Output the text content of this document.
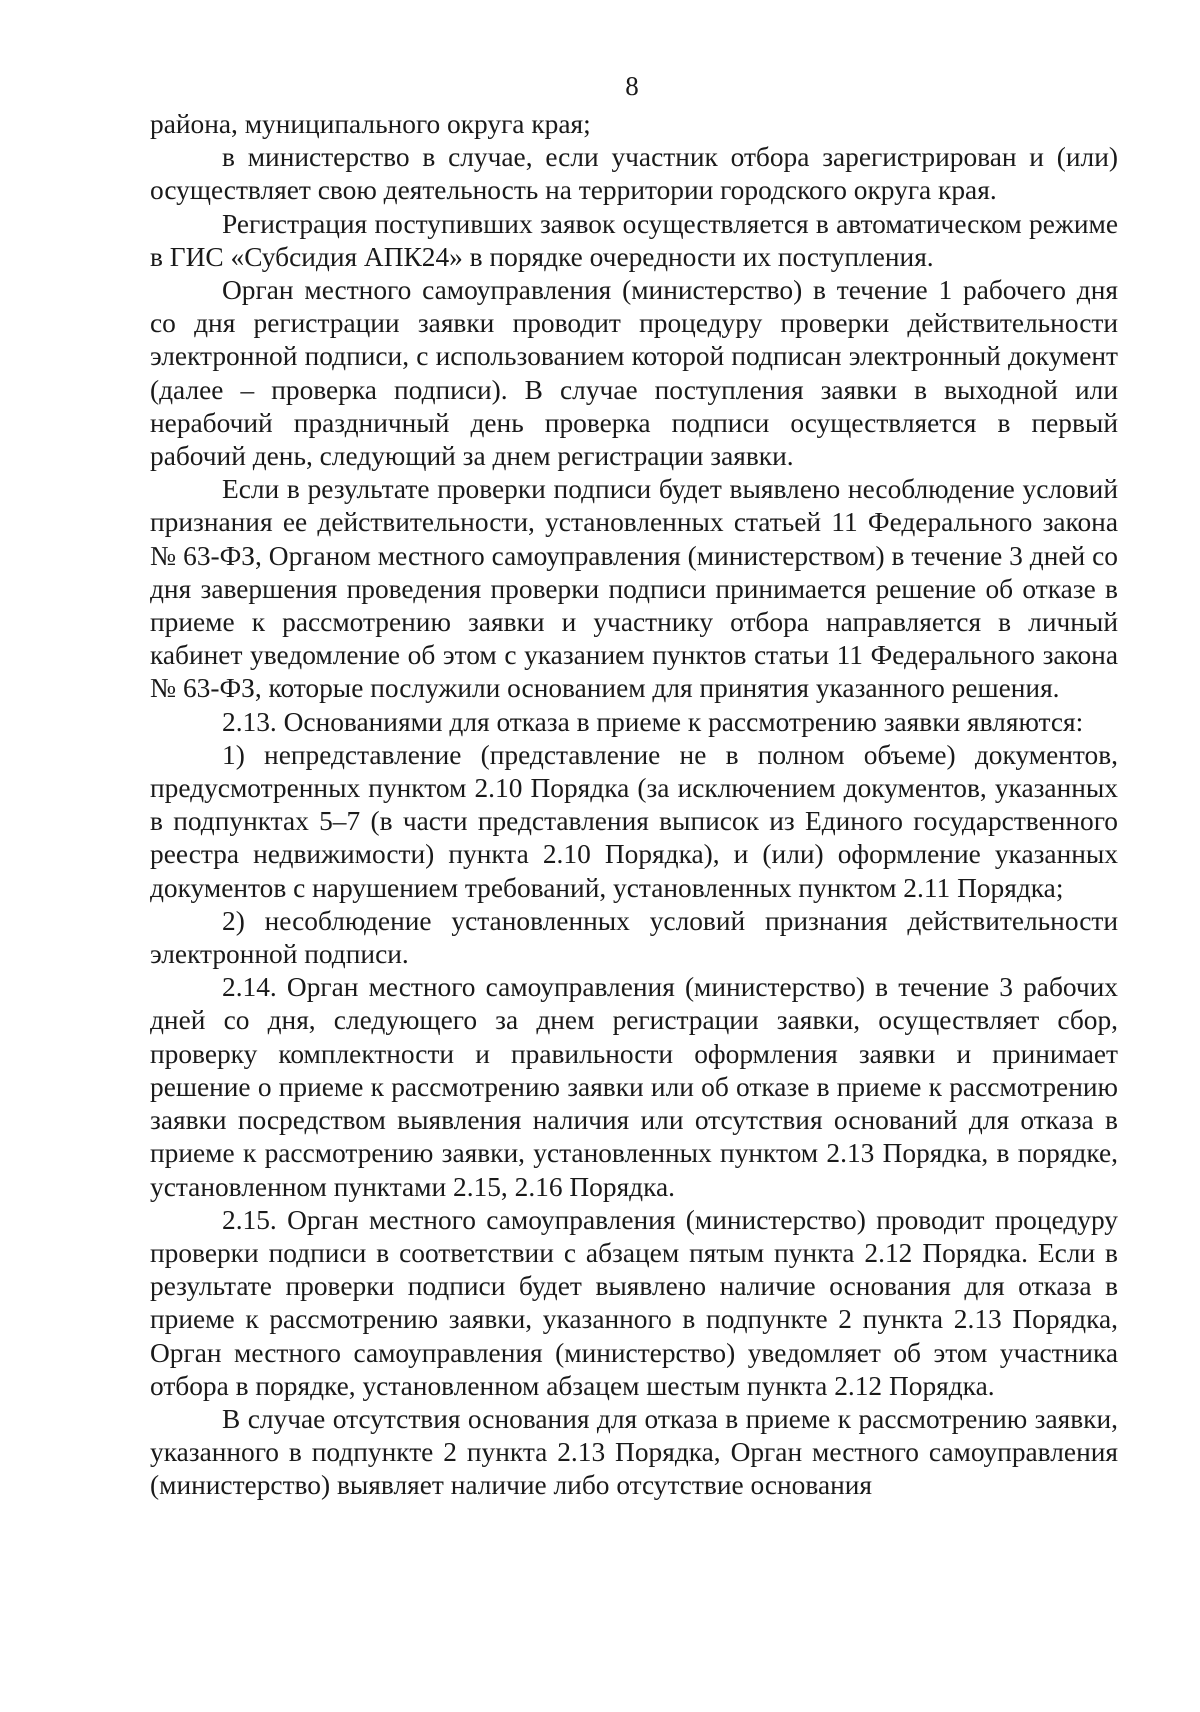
8

района, муниципального округа края;

в министерство в случае, если участник отбора зарегистрирован и (или) осуществляет свою деятельность на территории городского округа края.

Регистрация поступивших заявок осуществляется в автоматическом режиме в ГИС «Субсидия АПК24» в порядке очередности их поступления.

Орган местного самоуправления (министерство) в течение 1 рабочего дня со дня регистрации заявки проводит процедуру проверки действительности электронной подписи, с использованием которой подписан электронный документ (далее – проверка подписи). В случае поступления заявки в выходной или нерабочий праздничный день проверка подписи осуществляется в первый рабочий день, следующий за днем регистрации заявки.

Если в результате проверки подписи будет выявлено несоблюдение условий признания ее действительности, установленных статьей 11 Федерального закона № 63-ФЗ, Органом местного самоуправления (министерством) в течение 3 дней со дня завершения проведения проверки подписи принимается решение об отказе в приеме к рассмотрению заявки и участнику отбора направляется в личный кабинет уведомление об этом с указанием пунктов статьи 11 Федерального закона № 63-ФЗ, которые послужили основанием для принятия указанного решения.

2.13. Основаниями для отказа в приеме к рассмотрению заявки являются:

1) непредставление (представление не в полном объеме) документов, предусмотренных пунктом 2.10 Порядка (за исключением документов, указанных в подпунктах 5–7 (в части представления выписок из Единого государственного реестра недвижимости) пункта 2.10 Порядка), и (или) оформление указанных документов с нарушением требований, установленных пунктом 2.11 Порядка;

2) несоблюдение установленных условий признания действительности электронной подписи.

2.14. Орган местного самоуправления (министерство) в течение 3 рабочих дней со дня, следующего за днем регистрации заявки, осуществляет сбор, проверку комплектности и правильности оформления заявки и принимает решение о приеме к рассмотрению заявки или об отказе в приеме к рассмотрению заявки посредством выявления наличия или отсутствия оснований для отказа в приеме к рассмотрению заявки, установленных пунктом 2.13 Порядка, в порядке, установленном пунктами 2.15, 2.16 Порядка.

2.15. Орган местного самоуправления (министерство) проводит процедуру проверки подписи в соответствии с абзацем пятым пункта 2.12 Порядка. Если в результате проверки подписи будет выявлено наличие основания для отказа в приеме к рассмотрению заявки, указанного в подпункте 2 пункта 2.13 Порядка, Орган местного самоуправления (министерство) уведомляет об этом участника отбора в порядке, установленном абзацем шестым пункта 2.12 Порядка.

В случае отсутствия основания для отказа в приеме к рассмотрению заявки, указанного в подпункте 2 пункта 2.13 Порядка, Орган местного самоуправления (министерство) выявляет наличие либо отсутствие основания
